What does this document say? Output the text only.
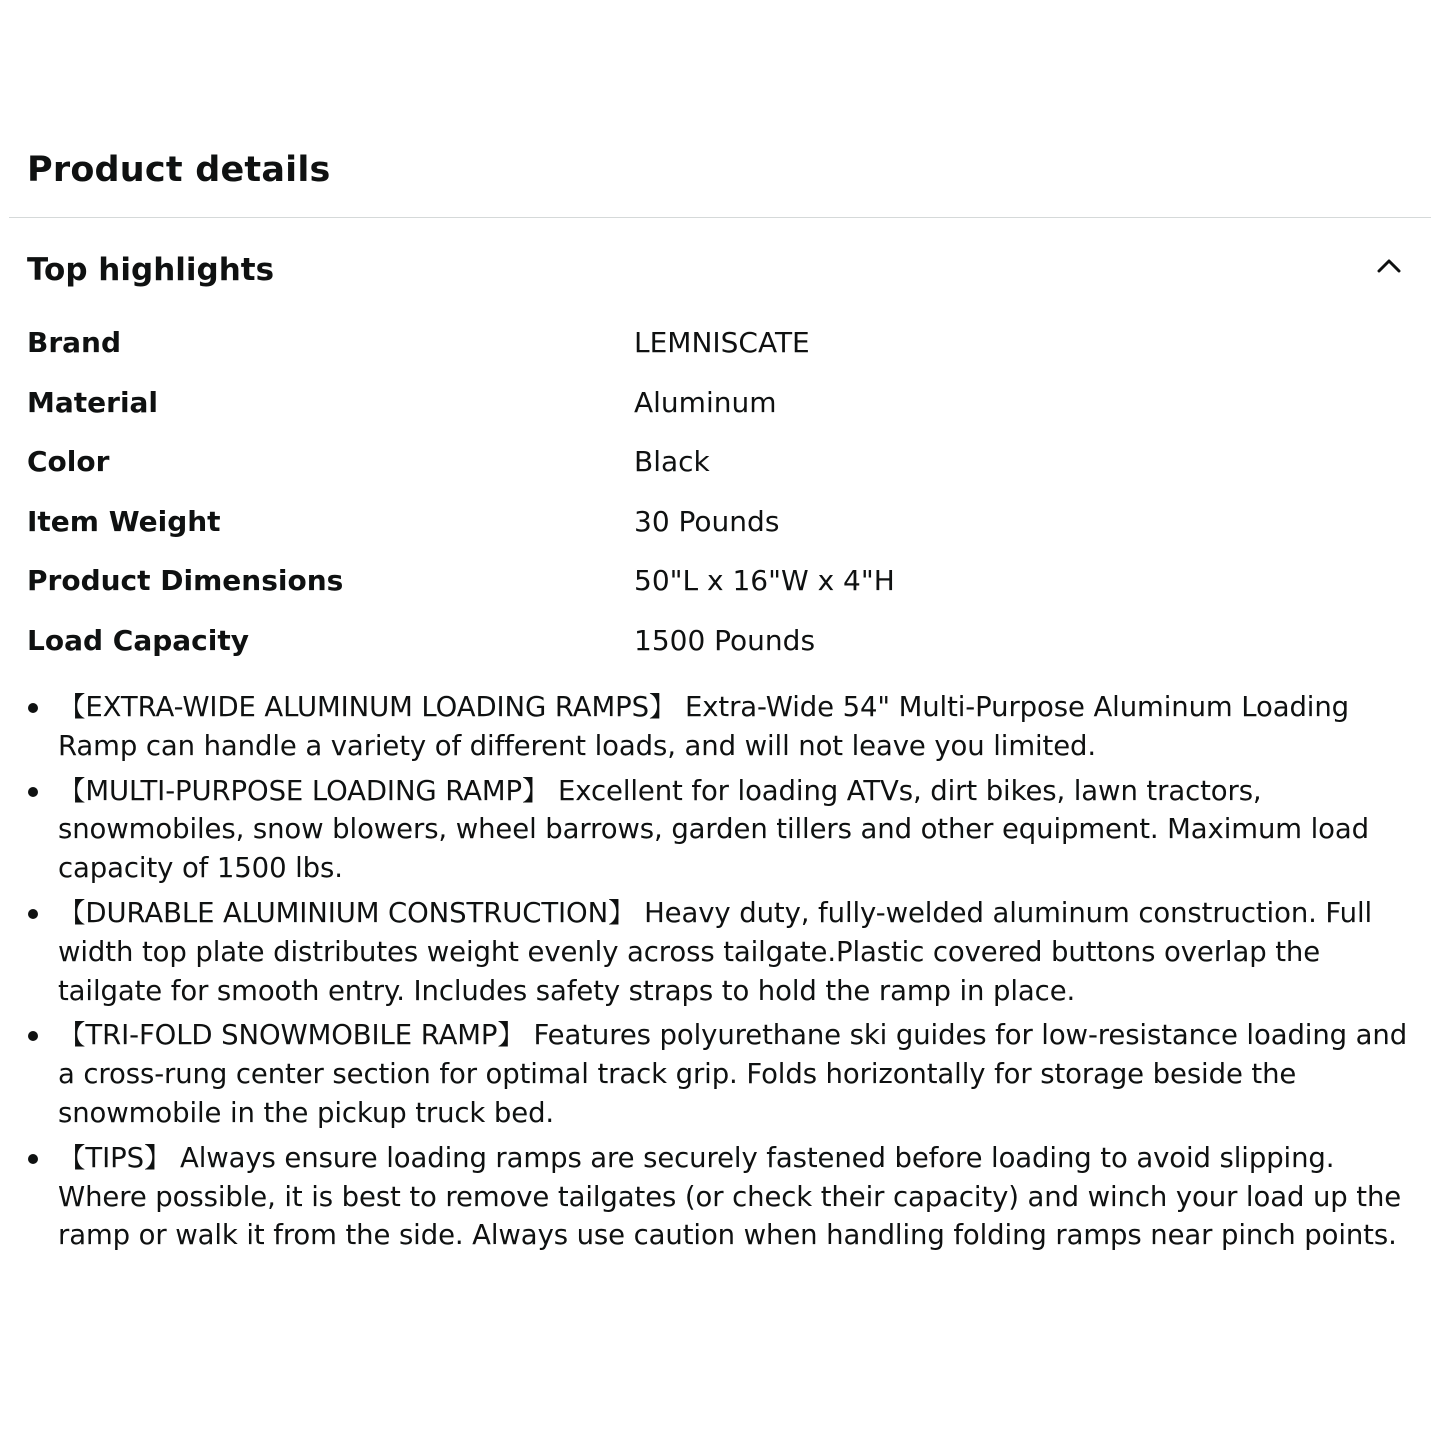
Product details
Top highlights
Brand	LEMNISCATE
Material	Aluminum
Color	Black
Item Weight	30 Pounds
Product Dimensions	50"L x 16"W x 4"H
Load Capacity	1500 Pounds
【EXTRA-WIDE ALUMINUM LOADING RAMPS】 Extra-Wide 54" Multi-Purpose Aluminum Loading Ramp can handle a variety of different loads, and will not leave you limited.
【MULTI-PURPOSE LOADING RAMP】 Excellent for loading ATVs, dirt bikes, lawn tractors, snowmobiles, snow blowers, wheel barrows, garden tillers and other equipment. Maximum load capacity of 1500 lbs.
【DURABLE ALUMINIUM CONSTRUCTION】 Heavy duty, fully-welded aluminum construction. Full width top plate distributes weight evenly across tailgate.Plastic covered buttons overlap the tailgate for smooth entry. Includes safety straps to hold the ramp in place.
【TRI-FOLD SNOWMOBILE RAMP】 Features polyurethane ski guides for low-resistance loading and a cross-rung center section for optimal track grip. Folds horizontally for storage beside the snowmobile in the pickup truck bed.
【TIPS】 Always ensure loading ramps are securely fastened before loading to avoid slipping. Where possible, it is best to remove tailgates (or check their capacity) and winch your load up the ramp or walk it from the side. Always use caution when handling folding ramps near pinch points.
